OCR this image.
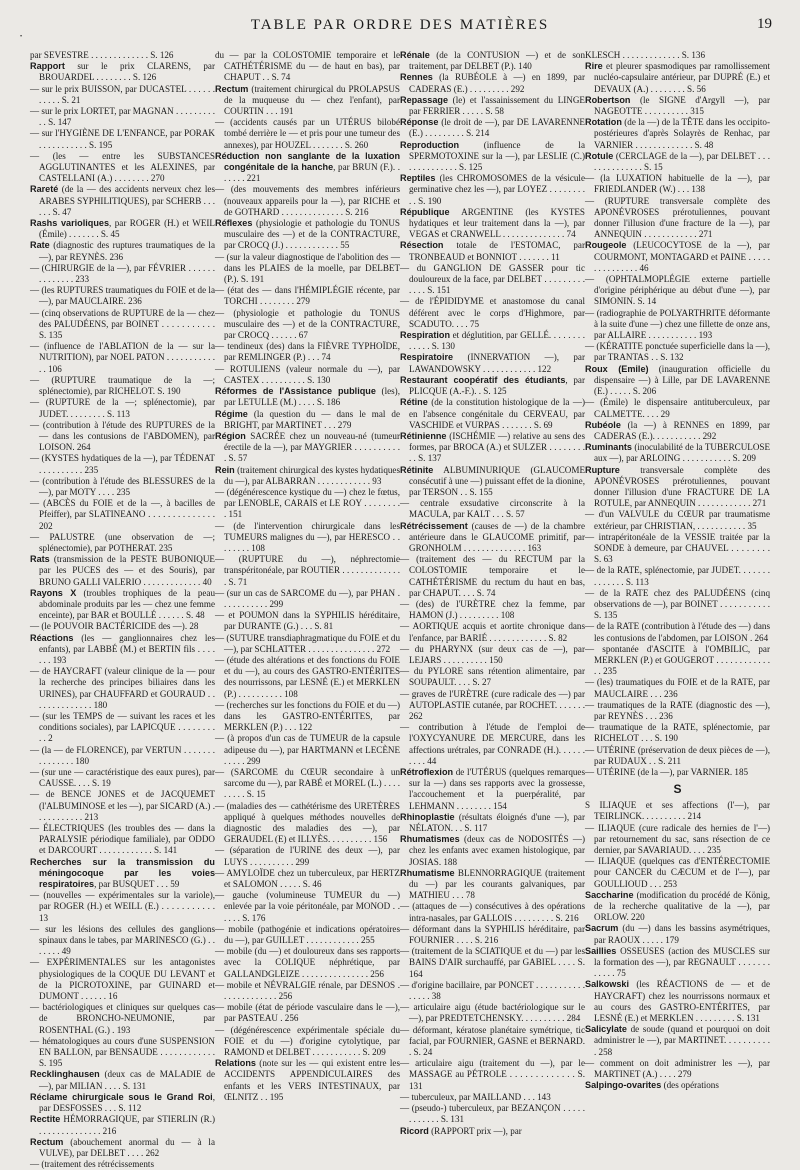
•
TABLE PAR ORDRE DES MATIÈRES	19

par SEVESTRE . . . . . . . . . . . . . S. 126

Rapport sur le prix CLARENS, par BROUARDEL . . . . . . . . S. 126

— sur le prix BUISSON, par DUCASTEL . . . . . . . . . . . S. 21

— sur le prix LORTET, par MAGNAN . . . . . . . . . . . S. 147

— sur l'HYGIÈNE DE L'ENFANCE, par PORAK . . . . . . . . . . . S. 195

— (les — entre les SUBSTANCES AGGLUTINANTES et les ALEXINES, par CASTELLANI (A.) . . . . . . . . 270

Rareté (de la — des accidents nerveux chez les ARABES SYPHILITIQUES), par SCHERB . . . . . . S. 47

Rashs varioliques, par ROGER (H.) et WEIL (Émile) . . . . . . . S. 45

Rate (diagnostic des ruptures traumatiques de la —), par REYNÈS. 236

— (CHIRURGIE de la —), par FÉVRIER . . . . . . . . . . . . . . 233

— (les RUPTURES traumatiques du FOIE et de la —), par MAUCLAIRE. 236

— (cinq observations de RUPTURE de la — chez des PALUDÉENS, par BOINET . . . . . . . . . . . S. 135

— (influence de l'ABLATION de la — sur la NUTRITION), par NOEL PATON . . . . . . . . . . . . . 106

— (RUPTURE traumatique de la —; splénectomie), par RICHELOT. S. 190

— (RUPTURE de la —; splénectomie), par JUDET. . . . . . . . . S. 113

— (contribution à l'étude des RUPTURES de la — dans les contusions de l'ABDOMEN), par LOISON. 264

— (KYSTES hydatiques de la —), par TÉDENAT . . . . . . . . . . 235

— (contribution à l'étude des BLESSURES de la —), par MOTY . . . . 235

— (ABCÈS du FOIE et de la —, à bacilles de Pfeiffer), par SLATINEANO . . . . . . . . . . . . . . 202

— PALUSTRE (une observation de —; splénectomie), par POTHERAT. 235

Rats (transmission de la PESTE BUBONIQUE par les PUCES des — et des Souris), par BRUNO GALLI VALERIO . . . . . . . . . . . . . 40

Rayons X (troubles trophiques de la peau abdominale produits par les — chez une femme enceinte), par BAR et BOULLÉ . . . . . . S. 48

— (le POUVOIR BACTÉRICIDE des —). 28

Réactions (les — ganglionnaires chez les enfants), par LABBÉ (M.) et BERTIN fils . . . . . . . 193

— de HAYCRAFT (valeur clinique de la — pour la recherche des principes biliaires dans les URINES), par CHAUFFARD et GOURAUD . . . . . . . . . . . . . . 180

— (sur les TEMPS de — suivant les races et les conditions sociales), par LAPICQUE . . . . . . . . . . 2

— (la — de FLORENCE), par VERTUN . . . . . . . . . . . . . . . 180

— (sur une — caractéristique des eaux pures), par CAUSSE. . . . S. 19

— de BENCE JONES et de JACQUEMET (l'ALBUMINOSE et les —), par SICARD (A.) . . . . . . . . . . . 213

— ÉLECTRIQUES (les troubles des — dans la PARALYSIE périodique familiale), par ODDO et DARCOURT . . . . . . . . . . . . S. 141

Recherches sur la transmission du méningocoque par les voies respiratoires, par BUSQUET . . . 59

— (nouvelles — expérimentales sur la variole), par ROGER (H.) et WEILL (E.) . . . . . . . . . . . 13

— sur les lésions des cellules des ganglions spinaux dans le tabes, par MARINESCO (G.) . . . . . . . 49

— EXPÉRIMENTALES sur les antagonistes physiologiques de la COQUE DU LEVANT et de la PICROTOXINE, par GUINARD et DUMONT . . . . . . 16

— bactériologiques et cliniques sur quelques cas de BRONCHO-NEUMONIE, par ROSENTHAL (G.) . 193

— hématologiques au cours d'une SUSPENSION EN BALLON, par BENSAUDE . . . . . . . . . . . . S. 195

Recklinghausen (deux cas de MALADIE de —), par MILIAN . . . . S. 131

Réclame chirurgicale sous le Grand Roi, par DESFOSSES . . . S. 112

Rectite HÉMORRAGIQUE, par STIERLIN (R.) . . . . . . . . . . . . . . 216

Rectum (abouchement anormal du — à la VULVE), par DELBET . . . . 262

— (traitement des rétrécissements

du — par la COLOSTOMIE temporaire et le CATHÉTÉRISME du — de haut en bas), par CHAPUT . . S. 74

Rectum (traitement chirurgical du PROLAPSUS de la muqueuse du — chez l'enfant), par COURTIN . . . 191

— (accidents causés par un UTÉRUS bilobé tombé derrière le — et pris pour une tumeur des annexes), par HOUZEL . . . . . . . S. 260

Réduction non sanglante de la luxation congénitale de la hanche, par BRUN (F.). . . . . . . 221

— (des mouvements des membres inférieurs (nouveaux appareils pour la —), par RICHE et de GOTHARD . . . . . . . . . . . . . . S. 216

Réflexes (physiologie et pathologie du TONUS musculaire des —) et de la CONTRACTURE, par CROCQ (J.) . . . . . . . . . . . . 55

— (sur la valeur diagnostique de l'abolition des — dans les PLAIES de la moelle, par DELBET (P.). S. 191

— (état des — dans l'HÉMIPLÉGIE récente, par TORCHI . . . . . . . . 279

— (physiologie et pathologie du TONUS musculaire des —) et de la CONTRACTURE, par CROCQ . . . . . . 67

— tendineux (des) dans la FIÈVRE TYPHOÏDE, par REMLINGER (P.) . . . 74

— ROTULIENS (valeur normale du —), par CASTEX . . . . . . . . . . S. 130

Réformes de l'Assistance publique (les), par LETULLE (M.) . . . . S. 186

Régime (la question du — dans le mal de BRIGHT, par MARTINET . . . 279

Région SACRÉE chez un nouveau-né (tumeur érectile de la —), par MAYGRIER . . . . . . . . . . . S. 57

Rein (traitement chirurgical des kystes hydatiques du —), par ALBARRAN . . . . . . . . . . . . 93

— (dégénérescence kystique du —) chez le fœtus, par LENOBLE, CARAIS et LE ROY . . . . . . . . . 151

— (de l'intervention chirurgicale dans les TUMEURS malignes du —), par HERESCO . . . . . . . . 108

— (RUPTURE du —), néphrectomie transpéritonéale, par ROUTIER . . . . . . . . . . . . . . S. 71

— (sur un cas de SARCOME du —), par PHAN . . . . . . . . . . . 299

— et POUMON dans la SYPHILIS héréditaire, par DURANTE (G.) . . . S. 81

— (SUTURE transdiaphragmatique du FOIE et du —), par SCHLATTER . . . . . . . . . . . . . . . 272

— (étude des altérations et des fonctions du FOIE et du —), au cours des GASTRO-ENTÉRITES des nourrissons, par LESNÉ (E.) et MERKLEN (P.) . . . . . . . . . . 108

— (recherches sur les fonctions du FOIE et du —) dans les GASTRO-ENTÉRITES, par MERKLEN (P.) . . . 122

— (à propos d'un cas de TUMEUR de la capsule adipeuse du —), par HARTMANN et LECÈNE . . . . . 299

— (SARCOME du CŒUR secondaire à un sarcome du —), par RABÉ et MOREL (L.) . . . . . . . . . S. 15

— (maladies des — cathétérisme des URETÈRES appliqué à quelques méthodes nouvelles de diagnostic des maladies des —), par GERAUDEL (E) et ILLYÈS. . . . . . . . . . 156

— (séparation de l'URINE des deux —), par LUYS . . . . . . . . . . 299

— AMYLOÏDE chez un tuberculeux, par HERTZ et SALOMON . . . . . S. 46

— gauche (volumineuse TUMEUR du —) enlevée par la voie péritonéale, par MONOD . . . . . . S. 176

— mobile (pathogénie et indications opératoires du —), par GUILLET . . . . . . . . . . . . 255

— mobile (du —) et douloureux dans ses rapports avec la COLIQUE néphrétique, par GALLANDGLEIZE . . . . . . . . . . . . . . . 256

— mobile et NÉVRALGIE rénale, par DESNOS . . . . . . . . . . . . . 256

— mobile (état de période vasculaire dans le —), par PASTEAU . 256

— (dégénérescence expérimentale spéciale du FOIE et du —) d'origine cytolytique, par RAMOND et DELBET . . . . . . . . . . . S. 209

Relations (note sur les — qui existent entre les ACCIDENTS APPENDICULAIRES des enfants et les VERS INTESTINAUX, par ŒLNITZ . . 195

Rénale (de la CONTUSION —) et de son traitement, par DELBET (P.). 140

Rennes (la RUBÉOLE à —) en 1899, par CADERAS (E.) . . . . . . . . . 292

Repassage (le) et l'assainissement du LINGE par FERRIER . . . . . S. 58

Réponse (le droit de —), par DE LAVARENNE (E.) . . . . . . . . . S. 214

Reproduction (influence de la SPERMOTOXINE sur la —), par LESLIE (C.) . . . . . . . . . . . S. 125

Reptiles (les CHROMOSOMES de la vésicule germinative chez les —), par LOYEZ . . . . . . . . . . S. 190

République ARGENTINE (les KYSTES hydatiques et leur traitement dans la —), par VEGAS et CRANWELL . . . . . . . . . . . . . . 74

Résection totale de l'ESTOMAC, par TRONBEAUD et BONNIOT . . . . . . . 11

— du GANGLION DE GASSER pour tic douloureux de la face, par DELBET . . . . . . . . . . . . . S. 151

— de l'ÉPIDIDYME et anastomose du canal déférent avec le corps d'Highmore, par SCADUTO. . . . 75

Respiration et déglutition, par GELLÉ. . . . . . . . . . . . . S. 130

Respiratoire (INNERVATION —), par LAWANDOWSKY . . . . . . . . . . . . 122

Restaurant coopératif des étudiants, par PLICQUE (A.-F.). . S. 125

Rétine (de la constitution histologique de la —) en l'absence congénitale du CERVEAU, par VASCHIDE et VURPAS . . . . . . . S. 69

Rétinienne (ISCHÉMIE —) relative au sens des formes, par BROCA (A.) et SULZER . . . . . . . . . . S. 137

Rétinite ALBUMINURIQUE (GLAUCOME consécutif à une —) puissant effet de la dionine, par TERSON . . S. 155

— centrale exsudative circonscrite à la MACULA, par KALT . . . S. 57

Rétrécissement (causes de —) de la chambre antérieure dans le GLAUCOME primitif, par GRONHOLM . . . . . . . . . . . . . . 163

— (traitement des — du RECTUM par la COLOSTOMIE temporaire et le CATHÉTÉRISME du rectum du haut en bas, par CHAPUT. . . . S. 74

— (des) de l'URÈTRE chez la femme, par HAMON (J.) . . . . . . . . . 108

— AORTIQUE acquis et aortite chronique dans l'enfance, par BARIÉ . . . . . . . . . . . . . S. 82

— du PHARYNX (sur deux cas de —), par LEJARS . . . . . . . . . . 150

— du PYLORE sans rétention alimentaire, par SOUPAULT. . . . S. 27

— graves de l'URÈTRE (cure radicale des —) par AUTOPLASTIE cutanée, par ROCHET. . . . . . . 262

— contribution à l'étude de l'emploi de l'OXYCYANURE DE MERCURE, dans les affections urétrales, par CONRADE (H.). . . . . . . . . . 44

Rétroflexion de l'UTÉRUS (quelques remarques sur la —) dans ses rapports avec la grossesse, l'accouchement et la puerpéralité, par LEHMANN . . . . . . . . 154

Rhinoplastie (résultats éloignés d'une —), par NÉLATON. . . S. 117

Rhumatismes (deux cas de NODOSITÉS —) chez les enfants avec examen histologique, par JOSIAS. 188

Rhumatisme BLENNORRAGIQUE (traitement du —) par les courants galvaniques, par MATHIEU . . . 78

— (attaques de —) consécutives à des opérations intra-nasales, par GALLOIS . . . . . . . . . S. 216

— déformant dans la SYPHILIS héréditaire, par FOURNIER . . . . S. 216

— (traitement de la SCIATIQUE et du —) par les BAINS D'AIR surchauffé, par GABIEL . . . . S. 164

— d'origine bacillaire, par PONCET . . . . . . . . . . . . . . . . 38

— articulaire aigu (étude bactériologique sur le —), par PREDTETCHENSKY. . . . . . . . . . 284

— déformant, kératose planétaire symétrique, tic facial, par FOURNIER, GASNE et BERNARD. . S. 24

— articulaire aigu (traitement du —), par le MASSAGE au PÉTROLE . . . . . . . . . . . . . S. 131

— tuberculeux, par MAILLAND . . . 143

— (pseudo-) tuberculeux, par BEZANÇON . . . . . . . . . . . . S. 131

Ricord (RAPPORT prix —), par

KLESCH . . . . . . . . . . . . . S. 136

Rire et pleurer spasmodiques par ramollissement nucléo-capsulaire antérieur, par DUPRÉ (E.) et DEVAUX (A.) . . . . . . . . S. 56

Robertson (le SIGNE d'Argyll —), par NAGEOTTE . . . . . . . . . . 315

Rotation (de la —) de la TÊTE dans les occipito-postérieures d'après Solayrès de Renhac, par VARNIER . . . . . . . . . . . . . S. 48

Rotule (CERCLAGE de la —), par DELBET . . . . . . . . . . . . . . S. 15

— (la LUXATION habituelle de la —), par FRIEDLANDER (W.) . . . 138

— (RUPTURE transversale complète des APONÉVROSES prérotuliennes, pouvant donner l'illusion d'une fracture de la —), par ANNEQUIN . . . . . . . . . . . . 271

Rougeole (LEUCOCYTOSE de la —), par COURMONT, MONTAGARD et PAINE . . . . . . . . . . . . . . . 46

— (OPHTALMOPLÉGIE externe partielle d'origine périphérique au début d'une —), par SIMONIN. S. 14

— (radiographie de POLYARTHRITE déformante à la suite d'une —) chez une fillette de onze ans, par ALLAIRE . . . . . . . . . . . 193

— (KÉRATITE ponctuée superficielle dans la —), par TRANTAS . . S. 132

Roux (Emile) (inauguration officielle du dispensaire —) à Lille, par DE LAVARENNE (E.) . . . . . S. 206

— (Émile) le dispensaire antituberculeux, par CALMETTE. . . . 29

Rubéole (la —) à RENNES en 1899, par CADERAS (E.). . . . . . . . . . . 292

Ruminants (inoculabilité de la TUBERCULOSE aux —), par ARLOING . . . . . . . . . . . S. 209

Rupture transversale complète des APONÉVROSES prérotuliennes, pouvant donner l'illusion d'une FRACTURE DE LA ROTULE, par ANNEQUIN . . . . . . . . . . . . 271

— d'un VALVULE du CŒUR par traumatisme extérieur, par CHRISTIAN, . . . . . . . . . . . 35

— intrapéritonéale de la VESSIE traitée par la SONDE à demeure, par CHAUVEL . . . . . . . . S. 63

— de la RATE, splénectomie, par JUDET. . . . . . . . . . . . . . S. 113

— de la RATE chez des PALUDÉENS (cinq observations de —), par BOINET . . . . . . . . . . . S. 135

— de la RATE (contribution à l'étude des —) dans les contusions de l'abdomen, par LOISON . 264

— spontanée d'ASCITE à l'OMBILIC, par MERKLEN (P.) et GOUGEROT . . . . . . . . . . . . . . 235

— (les) traumatiques du FOIE et de la RATE, par MAUCLAIRE . . . 236

— traumatiques de la RATE (diagnostic des —), par REYNÈS . . . 236

— traumatique de la RATE, splénectomie, par RICHELOT . . . S. 190

— UTÉRINE (préservation de deux pièces de —), par RUDAUX . . S. 211

— UTÉRINE (de la —), par VARNIER. 185

S

S ILIAQUE et ses affections (l'—), par TEIRLINCK. . . . . . . . . . 214

— ILIAQUE (cure radicale des hernies de l'—) par retournement du sac, sans résection de ce dernier, par SAVARIAUD. . . . 235

— ILIAQUE (quelques cas d'ENTÉRECTOMIE pour CANCER du CÆCUM et de l'—), par GOULLIOUD . . . 253

Saccharine (modification du procédé de König, de la recherche qualitative de la —), par ORLOW. 220

Sacrum (du —) dans les bassins asymétriques, par RAOUX . . . . . 179

Saillies OSSEUSES (action des MUSCLES sur la formation des —), par REGNAULT . . . . . . . . . . . . 75

Salkowski (les RÉACTIONS de — et de HAYCRAFT) chez les nourrissons normaux et au cours des GASTRO-ENTÉRITES, par LESNÉ (E.) et MERKLEN . . . . . . . . . S. 131

Salicylate de soude (quand et pourquoi on doit administrer le —), par MARTINET. . . . . . . . . . . 258

— comment on doit administrer les —), par MARTINET (A.) . . . . 279

Salpingo-ovarites (des opérations
